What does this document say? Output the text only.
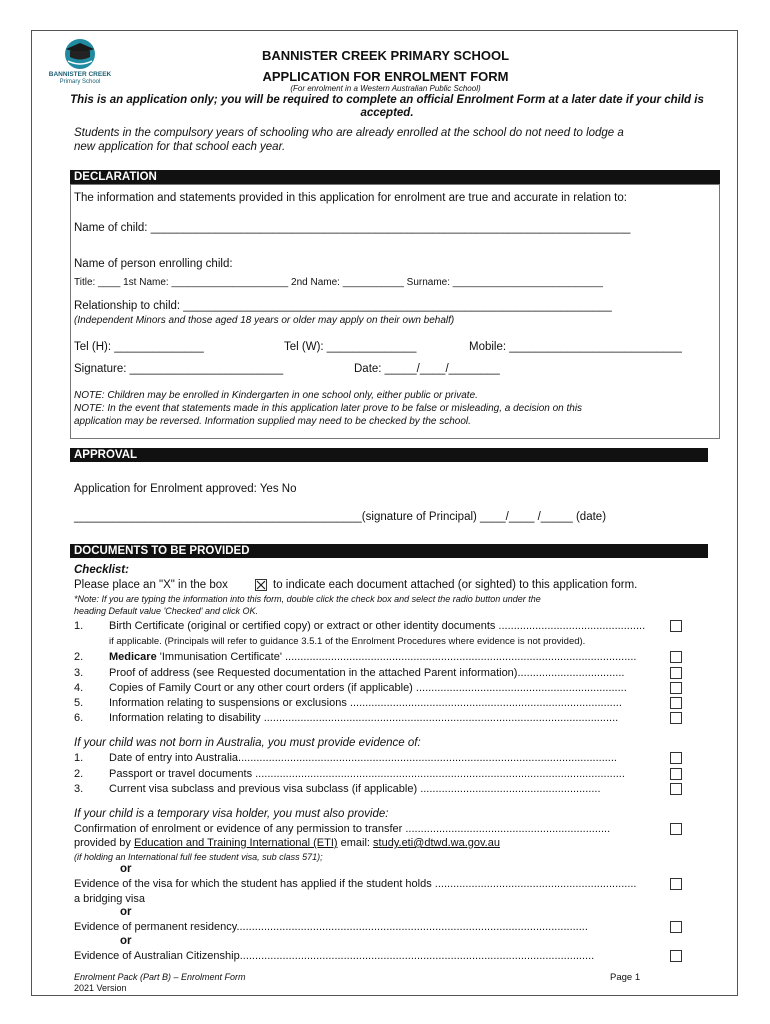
BANNISTER CREEK
Primary School
BANNISTER CREEK PRIMARY SCHOOL
APPLICATION FOR ENROLMENT FORM
(For enrolment in a Western Australian Public School)
This is an application only; you will be required to complete an official Enrolment Form at a later date if your child is accepted.
Students in the compulsory years of schooling who are already enrolled at the school do not need to lodge a
new application for that school each year.
DECLARATION
The information and statements provided in this application for enrolment are true and accurate in relation to:
Name of child: ___________________________________________________________________________
Name of person enrolling child:
Title: ____ 1st Name: _____________________ 2nd Name: ___________ Surname: ___________________________
Relationship to child: ___________________________________________________________________
(Independent Minors and those aged 18 years or older may apply on their own behalf)
Tel (H): ______________	Tel (W): ______________	Mobile: ___________________________
Signature: ________________________	Date: _____/____/________
NOTE: Children may be enrolled in Kindergarten in one school only, either public or private.
NOTE: In the event that statements made in this application later prove to be false or misleading, a decision on this
application may be reversed. Information supplied may need to be checked by the school.
APPROVAL
Application for Enrolment approved: Yes No
_____________________________________________(signature of Principal) ____/____ /_____ (date)
DOCUMENTS TO BE PROVIDED
Checklist:
Please place an "X" in the box	to indicate each document attached (or sighted) to this application form.
*Note: If you are typing the information into this form, double click the check box and select the radio button under the
heading Default value 'Checked' and click OK.
1. Birth Certificate (original or certified copy) or extract or other identity documents ................................................
if applicable. (Principals will refer to guidance 3.5.1 of the Enrolment Procedures where evidence is not provided).
2. Medicare 'Immunisation Certificate' ...................................................................................................................
3. Proof of address (see Requested documentation in the attached Parent information)...................................
4. Copies of Family Court or any other court orders (if applicable) .....................................................................
5. Information relating to suspensions or exclusions .........................................................................................
6. Information relating to disability ....................................................................................................................
If your child was not born in Australia, you must provide evidence of:
1. Date of entry into Australia............................................................................................................................
2. Passport or travel documents .........................................................................................................................
3. Current visa subclass and previous visa subclass (if applicable) ...........................................................
If your child is a temporary visa holder, you must also provide:
Confirmation of enrolment or evidence of any permission to transfer ...................................................................
provided by Education and Training International (ETI) email: study.eti@dtwd.wa.gov.au
(if holding an International full fee student visa, sub class 571);
or
Evidence of the visa for which the student has applied if the student holds ..................................................................
a bridging visa
or
Evidence of permanent residency...................................................................................................................
or
Evidence of Australian Citizenship....................................................................................................................
Enrolment Pack (Part B) – Enrolment Form
2021 Version
Page 1
